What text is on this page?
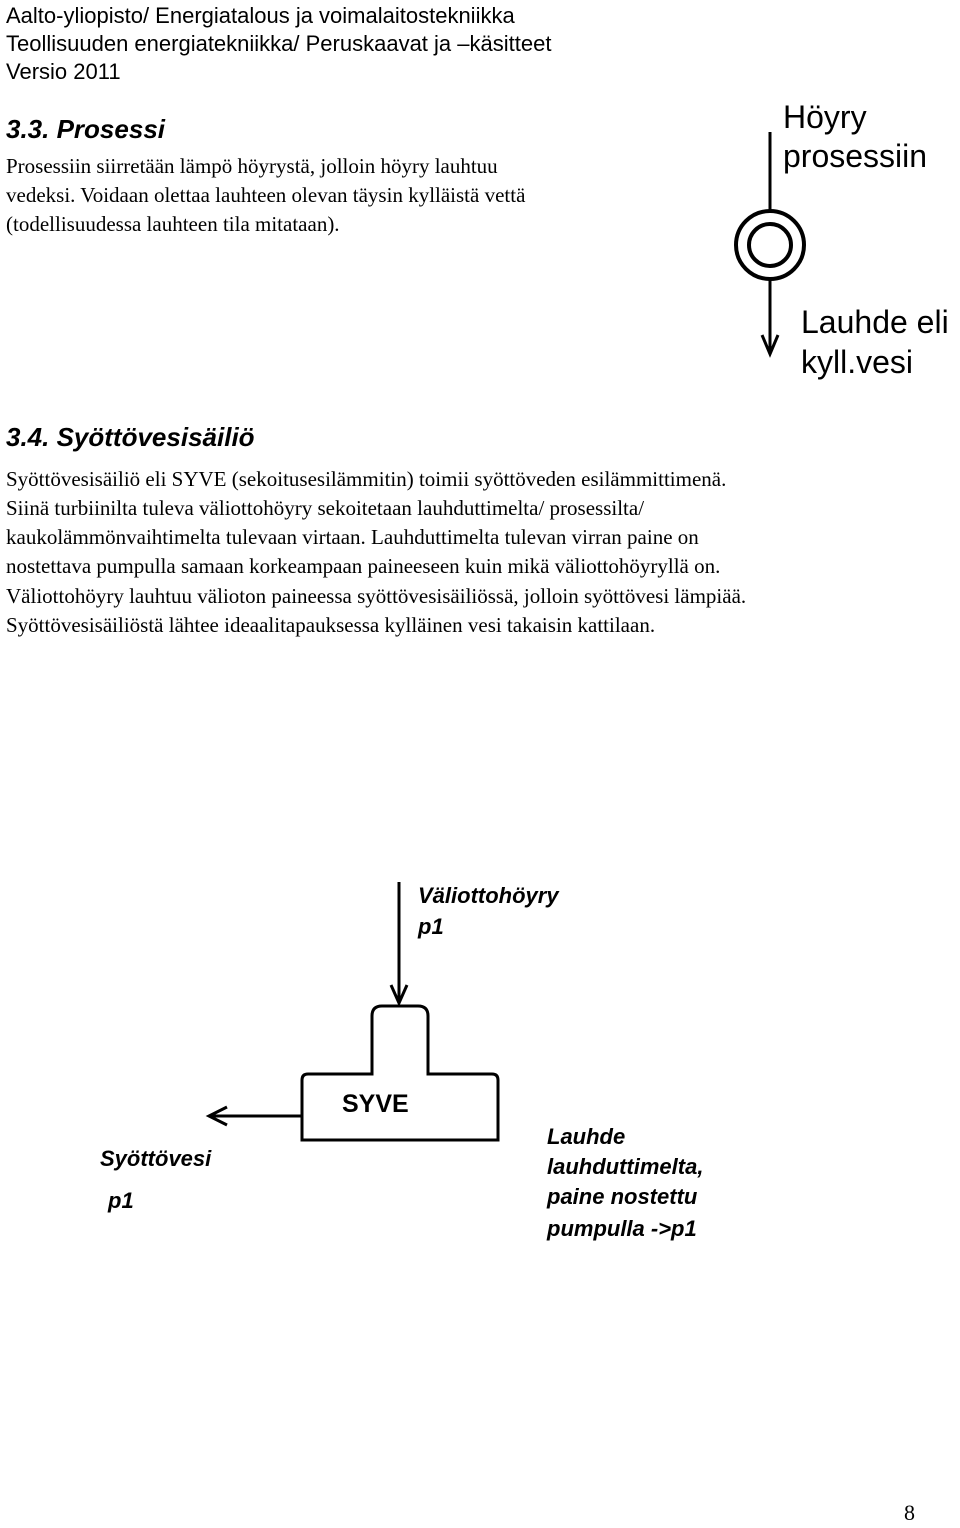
Aalto-yliopisto/ Energiatalous ja voimalaitostekniikka
Teollisuuden energiatekniikka/ Peruskaavat ja –käsitteet
Versio 2011
3.3. Prosessi
Prosessiin siirretään lämpö höyrystä, jolloin höyry lauhtuu
vedeksi. Voidaan olettaa lauhteen olevan täysin kylläistä vettä
(todellisuudessa lauhteen tila mitataan).
Höyry
prosessiin
Lauhde eli
kyll.vesi
3.4. Syöttövesisäiliö
Syöttövesisäiliö eli SYVE (sekoitusesilämmitin) toimii syöttöveden esilämmittimenä.
Siinä turbiinilta tuleva väliottohöyry sekoitetaan lauhduttimelta/ prosessilta/
kaukolämmönvaihtimelta tulevaan virtaan. Lauhduttimelta tulevan virran paine on
nostettava pumpulla samaan korkeampaan paineeseen kuin mikä väliottohöyryllä on.
Väliottohöyry lauhtuu välioton paineessa syöttövesisäiliössä, jolloin syöttövesi lämpiää.
Syöttövesisäiliöstä lähtee ideaalitapauksessa kylläinen vesi takaisin kattilaan.
SYVE
Väliottohöyry
p1
Syöttövesi
p1
Lauhde
lauhduttimelta,
paine nostettu
pumpulla ->p1
8
